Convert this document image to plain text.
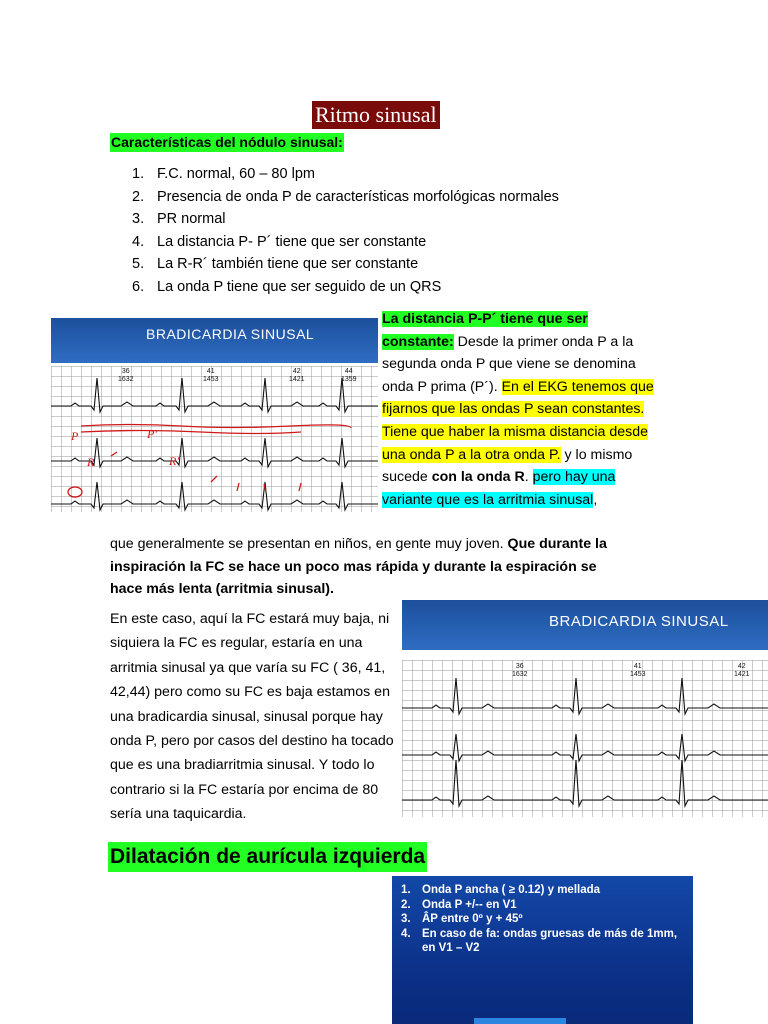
Ritmo sinusal
Características del nódulo sinusal:
1. F.C. normal, 60 – 80 lpm
2. Presencia de onda P de características morfológicas normales
3. PR normal
4. La distancia P- P´ tiene que ser constante
5. La R-R´ también tiene que ser constante
6. La onda P tiene que ser seguido de un QRS
BRADICARDIA SINUSAL
36
1632
41
1453
42
1421
44
1359
P	P'
R	R'
La distancia P-P´ tiene que ser
constante: Desde la primer onda P a la segunda onda P que viene se denomina onda P prima (P´). En el EKG tenemos que fijarnos que las ondas P sean constantes. Tiene que haber la misma distancia desde una onda P a la otra onda P. y lo mismo sucede con la onda R. pero hay una variante que es la arritmia sinusal,
que generalmente se presentan en niños, en gente muy joven. Que durante la inspiración la FC se hace un poco mas rápida y durante la espiración se hace más lenta (arritmia sinusal).
En este caso, aquí la FC estará muy baja, ni siquiera la FC es regular, estaría en una arritmia sinusal ya que varía su FC ( 36, 41, 42,44) pero como su FC es baja estamos en una bradicardia sinusal, sinusal porque hay onda P, pero por casos del destino ha tocado que es una bradiarritmia sinusal. Y todo lo contrario si la FC estaría por encima de 80 sería una taquicardia.
BRADICARDIA SINUSAL
36
1632
41
1453
42
1421
Dilatación de aurícula izquierda
1. Onda P ancha ( ≥ 0.12) y mellada
2. Onda P +/-- en V1
3. ÂP entre 0º y + 45º
4. En caso de fa: ondas gruesas de más de 1mm, en V1 – V2
